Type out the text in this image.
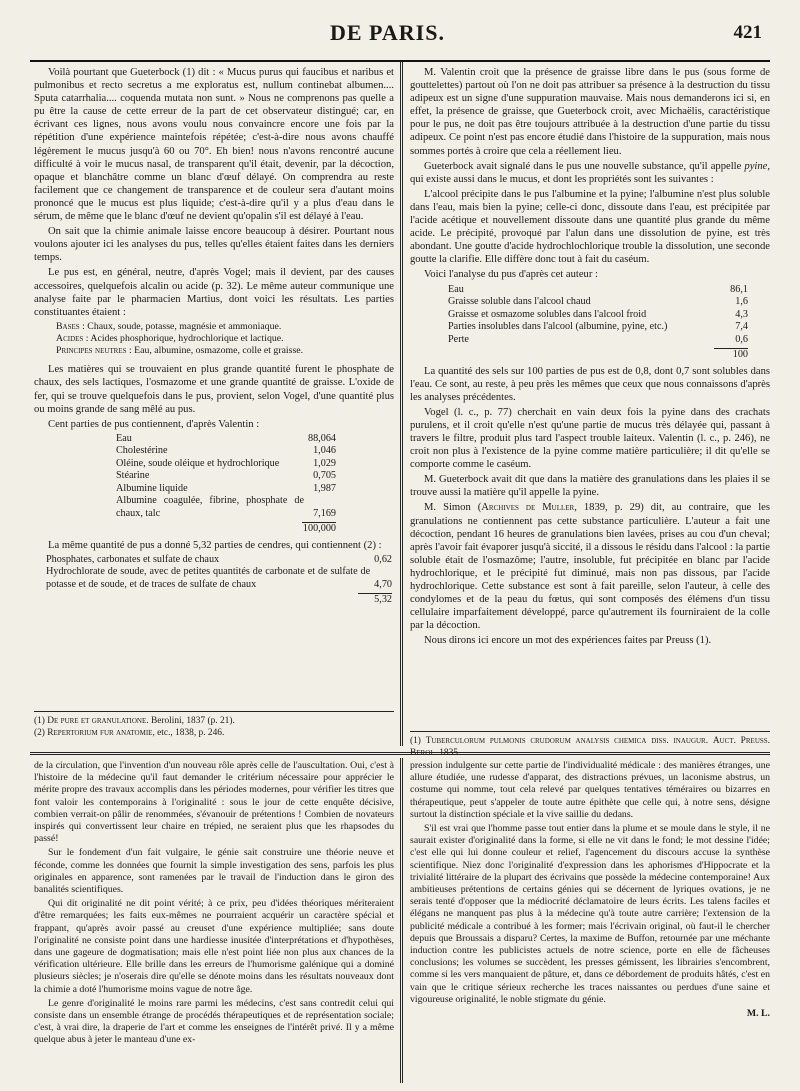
DE PARIS.	421

Voilà pourtant que Gueterbock (1) dit : « Mucus purus qui faucibus et naribus et pulmonibus et recto secretus a me exploratus est, nullum continebat albumen.... Sputa catarrhalia.... coquenda mutata non sunt. » Nous ne comprenons pas quelle a pu être la cause de cette erreur de la part de cet observateur distingué; car, en écrivant ces lignes, nous avons voulu nous convaincre encore une fois par la répétition d'une expérience maintefois répétée; c'est-à-dire nous avons chauffé légèrement le mucus jusqu'à 60 ou 70°. Eh bien! nous n'avons rencontré aucune difficulté à voir le mucus nasal, de transparent qu'il était, devenir, par la décoction, opaque et blanchâtre comme un blanc d'œuf délayé. On comprendra au reste facilement que ce changement de transparence et de couleur sera d'autant moins prononcé que le mucus est plus liquide; c'est-à-dire qu'il y a plus d'eau dans le sérum, de même que le blanc d'œuf ne devient qu'opalin s'il est délayé à l'eau.

On sait que la chimie animale laisse encore beaucoup à désirer. Pourtant nous voulons ajouter ici les analyses du pus, telles qu'elles étaient faites dans les derniers temps.

Le pus est, en général, neutre, d'après Vogel; mais il devient, par des causes accessoires, quelquefois alcalin ou acide (p. 32). Le même auteur communique une analyse faite par le pharmacien Martius, dont voici les résultats. Les parties constituantes étaient :

Bases : Chaux, soude, potasse, magnésie et ammoniaque.
Acides : Acides phosphorique, hydrochlorique et lactique.
Principes neutres : Eau, albumine, osmazome, colle et graisse.

Les matières qui se trouvaient en plus grande quantité furent le phosphate de chaux, des sels lactiques, l'osmazome et une grande quantité de graisse. L'oxide de fer, qui se trouve quelquefois dans le pus, provient, selon Vogel, d'une quantité plus ou moins grande de sang mêlé au pus.

Cent parties de pus contiennent, d'après Valentin :

Eau	88,064
Cholestérine	1,046
Oléine, soude oléique et hydrochlorique	1,029
Stéarine	0,705
Albumine liquide	1,987
Albumine coagulée, fibrine, phosphate de chaux, talc	7,169
100,000

La même quantité de pus a donné 5,32 parties de cendres, qui contiennent (2) :

Phosphates, carbonates et sulfate de chaux	0,62
Hydrochlorate de soude, avec de petites quantités de carbonate et de sulfate de potasse et de soude, et de traces de sulfate de chaux	4,70
5,32
(1) De pure et granulatione. Berolini, 1837 (p. 21).
(2) Repertorium fur anatomie, etc., 1838, p. 246.

M. Valentin croit que la présence de graisse libre dans le pus (sous forme de gouttelettes) partout où l'on ne doit pas attribuer sa présence à la destruction du tissu adipeux est un signe d'une suppuration mauvaise. Mais nous demanderons ici si, en effet, la présence de graisse, que Gueterbock croit, avec Michaëlis, caractéristique pour le pus, ne doit pas être toujours attribuée à la destruction d'une partie du tissu adipeux. Ce point n'est pas encore étudié dans l'histoire de la suppuration, mais nous sommes portés à croire que cela a réellement lieu.

Gueterbock avait signalé dans le pus une nouvelle substance, qu'il appelle pyine, qui existe aussi dans le mucus, et dont les propriétés sont les suivantes :

L'alcool précipite dans le pus l'albumine et la pyine; l'albumine n'est plus soluble dans l'eau, mais bien la pyine; celle-ci donc, dissoute dans l'eau, est précipitée par l'acide acétique et nouvellement dissoute dans une quantité plus grande du même acide. Le précipité, provoqué par l'alun dans une dissolution de pyine, est très abondant. Une goutte d'acide hydrochlochlorique trouble la dissolution, une seconde goutte la clarifie. Elle diffère donc tout à fait du caséum.

Voici l'analyse du pus d'après cet auteur :

Eau	86,1
Graisse soluble dans l'alcool chaud	1,6
Graisse et osmazome solubles dans l'alcool froid	4,3
Parties insolubles dans l'alcool (albumine, pyine, etc.)	7,4
Perte	0,6
100

La quantité des sels sur 100 parties de pus est de 0,8, dont 0,7 sont solubles dans l'eau. Ce sont, au reste, à peu près les mêmes que ceux que nous connaissons d'après les analyses précédentes.

Vogel (l. c., p. 77) cherchait en vain deux fois la pyine dans des crachats purulens, et il croit qu'elle n'est qu'une partie de mucus très délayée qui, passant à travers le filtre, produit plus tard l'aspect trouble laiteux. Valentin (l. c., p. 246), ne croit non plus à l'existence de la pyine comme matière particulière; il dit qu'elle se comporte comme le caséum.

M. Gueterbock avait dit que dans la matière des granulations dans les plaies il se trouve aussi la matière qu'il appelle la pyine.

M. Simon (Archives de Muller, 1839, p. 29) dit, au contraire, que les granulations ne contiennent pas cette substance particulière. L'auteur a fait une décoction, pendant 16 heures de granulations bien lavées, prises au cou d'un cheval; après l'avoir fait évaporer jusqu'à siccité, il a dissous le résidu dans l'alcool : la partie soluble était de l'osmazôme; l'autre, insoluble, fut précipitée en blanc par l'acide hydrochlorique, et le précipité fut diminué, mais non pas dissous, par l'acide hydrochlorique. Cette substance est sont à fait pareille, selon l'auteur, à celle des condylomes et de la peau du fœtus, qui sont composés des élémens d'un tissu cellulaire imparfaitement développé, parce qu'autrement ils fourniraient de la colle par la décoction.

Nous dirons ici encore un mot des expériences faites par Preuss (1).

(1) Tuberculorum pulmonis crudorum analysis chemica diss. inaugur. Auct. Preuss. Berol. 1835.

de la circulation, que l'invention d'un nouveau rôle après celle de l'auscultation. Oui, c'est à l'histoire de la médecine qu'il faut demander le critérium nécessaire pour apprécier le mérite propre des travaux accomplis dans les périodes modernes, pour vérifier les titres que font valoir les contemporains à l'originalité : sous le jour de cette enquête décisive, combien verrait-on pâlir de renommées, s'évanouir de prétentions ! Combien de novateurs inspirés qui convertissent leur chaire en trépied, ne seraient plus que les rhapsodes du passé!

Sur le fondement d'un fait vulgaire, le génie sait construire une théorie neuve et féconde, comme les données que fournit la simple investigation des sens, parfois les plus originales en apparence, sont ramenées par le travail de l'induction dans le giron des banalités scientifiques.

Qui dit originalité ne dit point vérité; à ce prix, peu d'idées théoriques mériteraient d'être remarquées; les faits eux-mêmes ne pourraient acquérir un caractère spécial et frappant, qu'après avoir passé au creuset d'une expérience multipliée; sans doute l'originalité ne consiste point dans une hardiesse inusitée d'interprétations et d'hypothèses, dans une gageure de dogmatisation; mais elle n'est point liée non plus aux chances de la vérification ultérieure. Elle brille dans les erreurs de l'humorisme galénique qui a dominé plusieurs siècles; je n'oserais dire qu'elle se dénote moins dans les résultats nouveaux dont la chimie a doté l'humorisme moins vague de notre âge.

Le genre d'originalité le moins rare parmi les médecins, c'est sans contredit celui qui consiste dans un ensemble étrange de procédés thérapeutiques et de représentation sociale; c'est, à vrai dire, la draperie de l'art et comme les enseignes de l'intérêt privé. Il y a même quelque abus à jeter le manteau d'une ex-

pression indulgente sur cette partie de l'individualité médicale : des manières étranges, une allure étudiée, une rudesse d'apparat, des distractions prévues, un laconisme abstrus, un costume qui nomme, tout cela relevé par quelques tentatives téméraires ou bizarres en thérapeutique, peut s'appeler de toute autre épithète que celle qui, à notre sens, désigne surtout la distinction spéciale et la vive saillie du dedans.

S'il est vrai que l'homme passe tout entier dans la plume et se moule dans le style, il ne saurait exister d'originalité dans la forme, si elle ne vit dans le fond; le mot dessine l'idée; c'est elle qui lui donne couleur et relief, l'agencement du discours accuse la synthèse scientifique. Niez donc l'originalité d'expression dans les aphorismes d'Hippocrate et la trivialité littéraire de la plupart des écrivains que possède la médecine contemporaine! Aux ambitieuses prétentions de certains génies qui se décernent de lyriques ovations, je ne serais tenté d'opposer que la médiocrité déclamatoire de leurs écrits. Les talens faciles et élégans ne manquent pas plus à la médecine qu'à toute autre carrière; l'extension de la publicité médicale a contribué à les former; mais l'écrivain original, où faut-il le chercher depuis que Broussais a disparu? Certes, la maxime de Buffon, retournée par une méchante induction contre les publicistes actuels de notre science, porte en elle de fâcheuses conclusions; les volumes se succèdent, les presses gémissent, les librairies s'encombrent, comme si les vers manquaient de pâture, et, dans ce débordement de produits hâtés, c'est en vain que le critique sérieux recherche les traces naissantes ou perdues d'une saine et vigoureuse originalité, le noble stigmate du génie.

M. L.
